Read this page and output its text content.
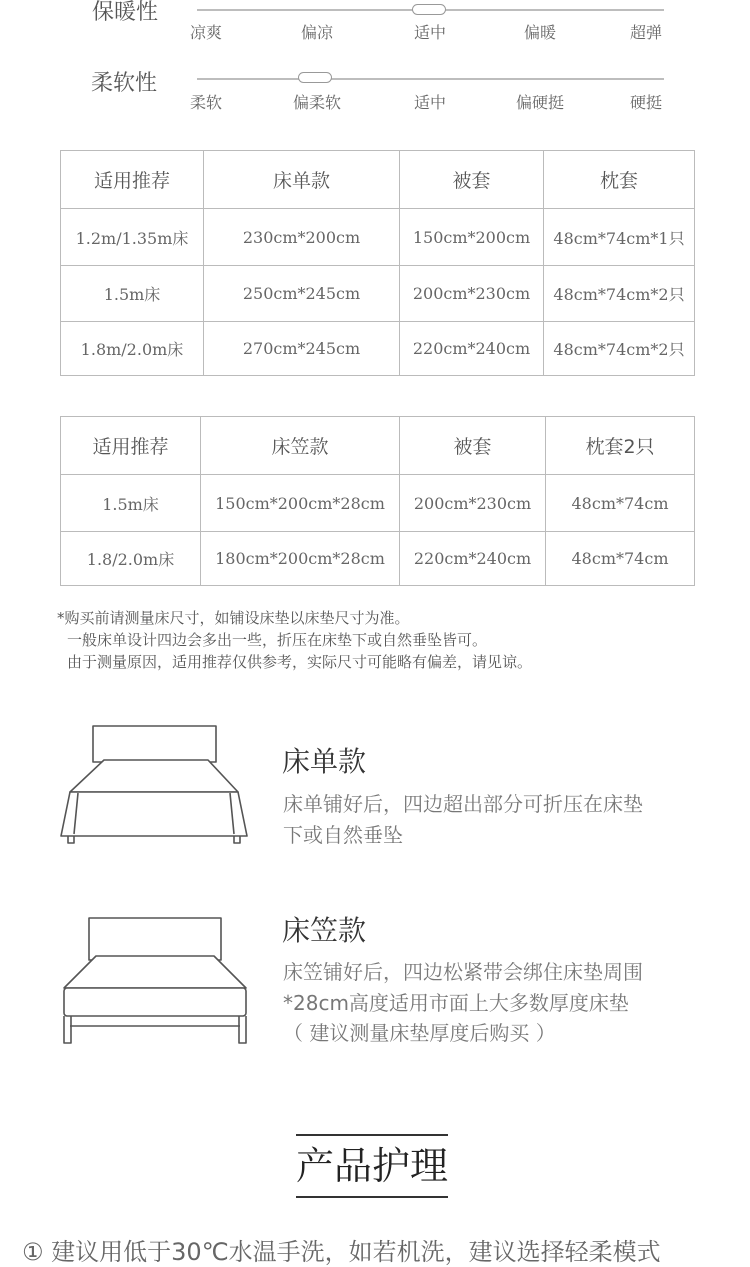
保暖性
凉爽	偏凉	适中	偏暖	超弹
柔软性
柔软	偏柔软	适中	偏硬挺	硬挺
适用推荐	床单款	被套	枕套
1.2m/1.35m床	230cm*200cm	150cm*200cm	48cm*74cm*1只
1.5m床	250cm*245cm	200cm*230cm	48cm*74cm*2只
1.8m/2.0m床	270cm*245cm	220cm*240cm	48cm*74cm*2只
适用推荐	床笠款	被套	枕套2只
1.5m床	150cm*200cm*28cm	200cm*230cm	48cm*74cm
1.8/2.0m床	180cm*200cm*28cm	220cm*240cm	48cm*74cm
*购买前请测量床尺寸，如铺设床垫以床垫尺寸为准。
一般床单设计四边会多出一些，折压在床垫下或自然垂坠皆可。
由于测量原因，适用推荐仅供参考，实际尺寸可能略有偏差，请见谅。
床单款
床单铺好后，四边超出部分可折压在床垫
下或自然垂坠
床笠款
床笠铺好后，四边松紧带会绑住床垫周围
*28cm高度适用市面上大多数厚度床垫
（ 建议测量床垫厚度后购买 ）
产品护理
① 建议用低于30℃水温手洗，如若机洗，建议选择轻柔模式
